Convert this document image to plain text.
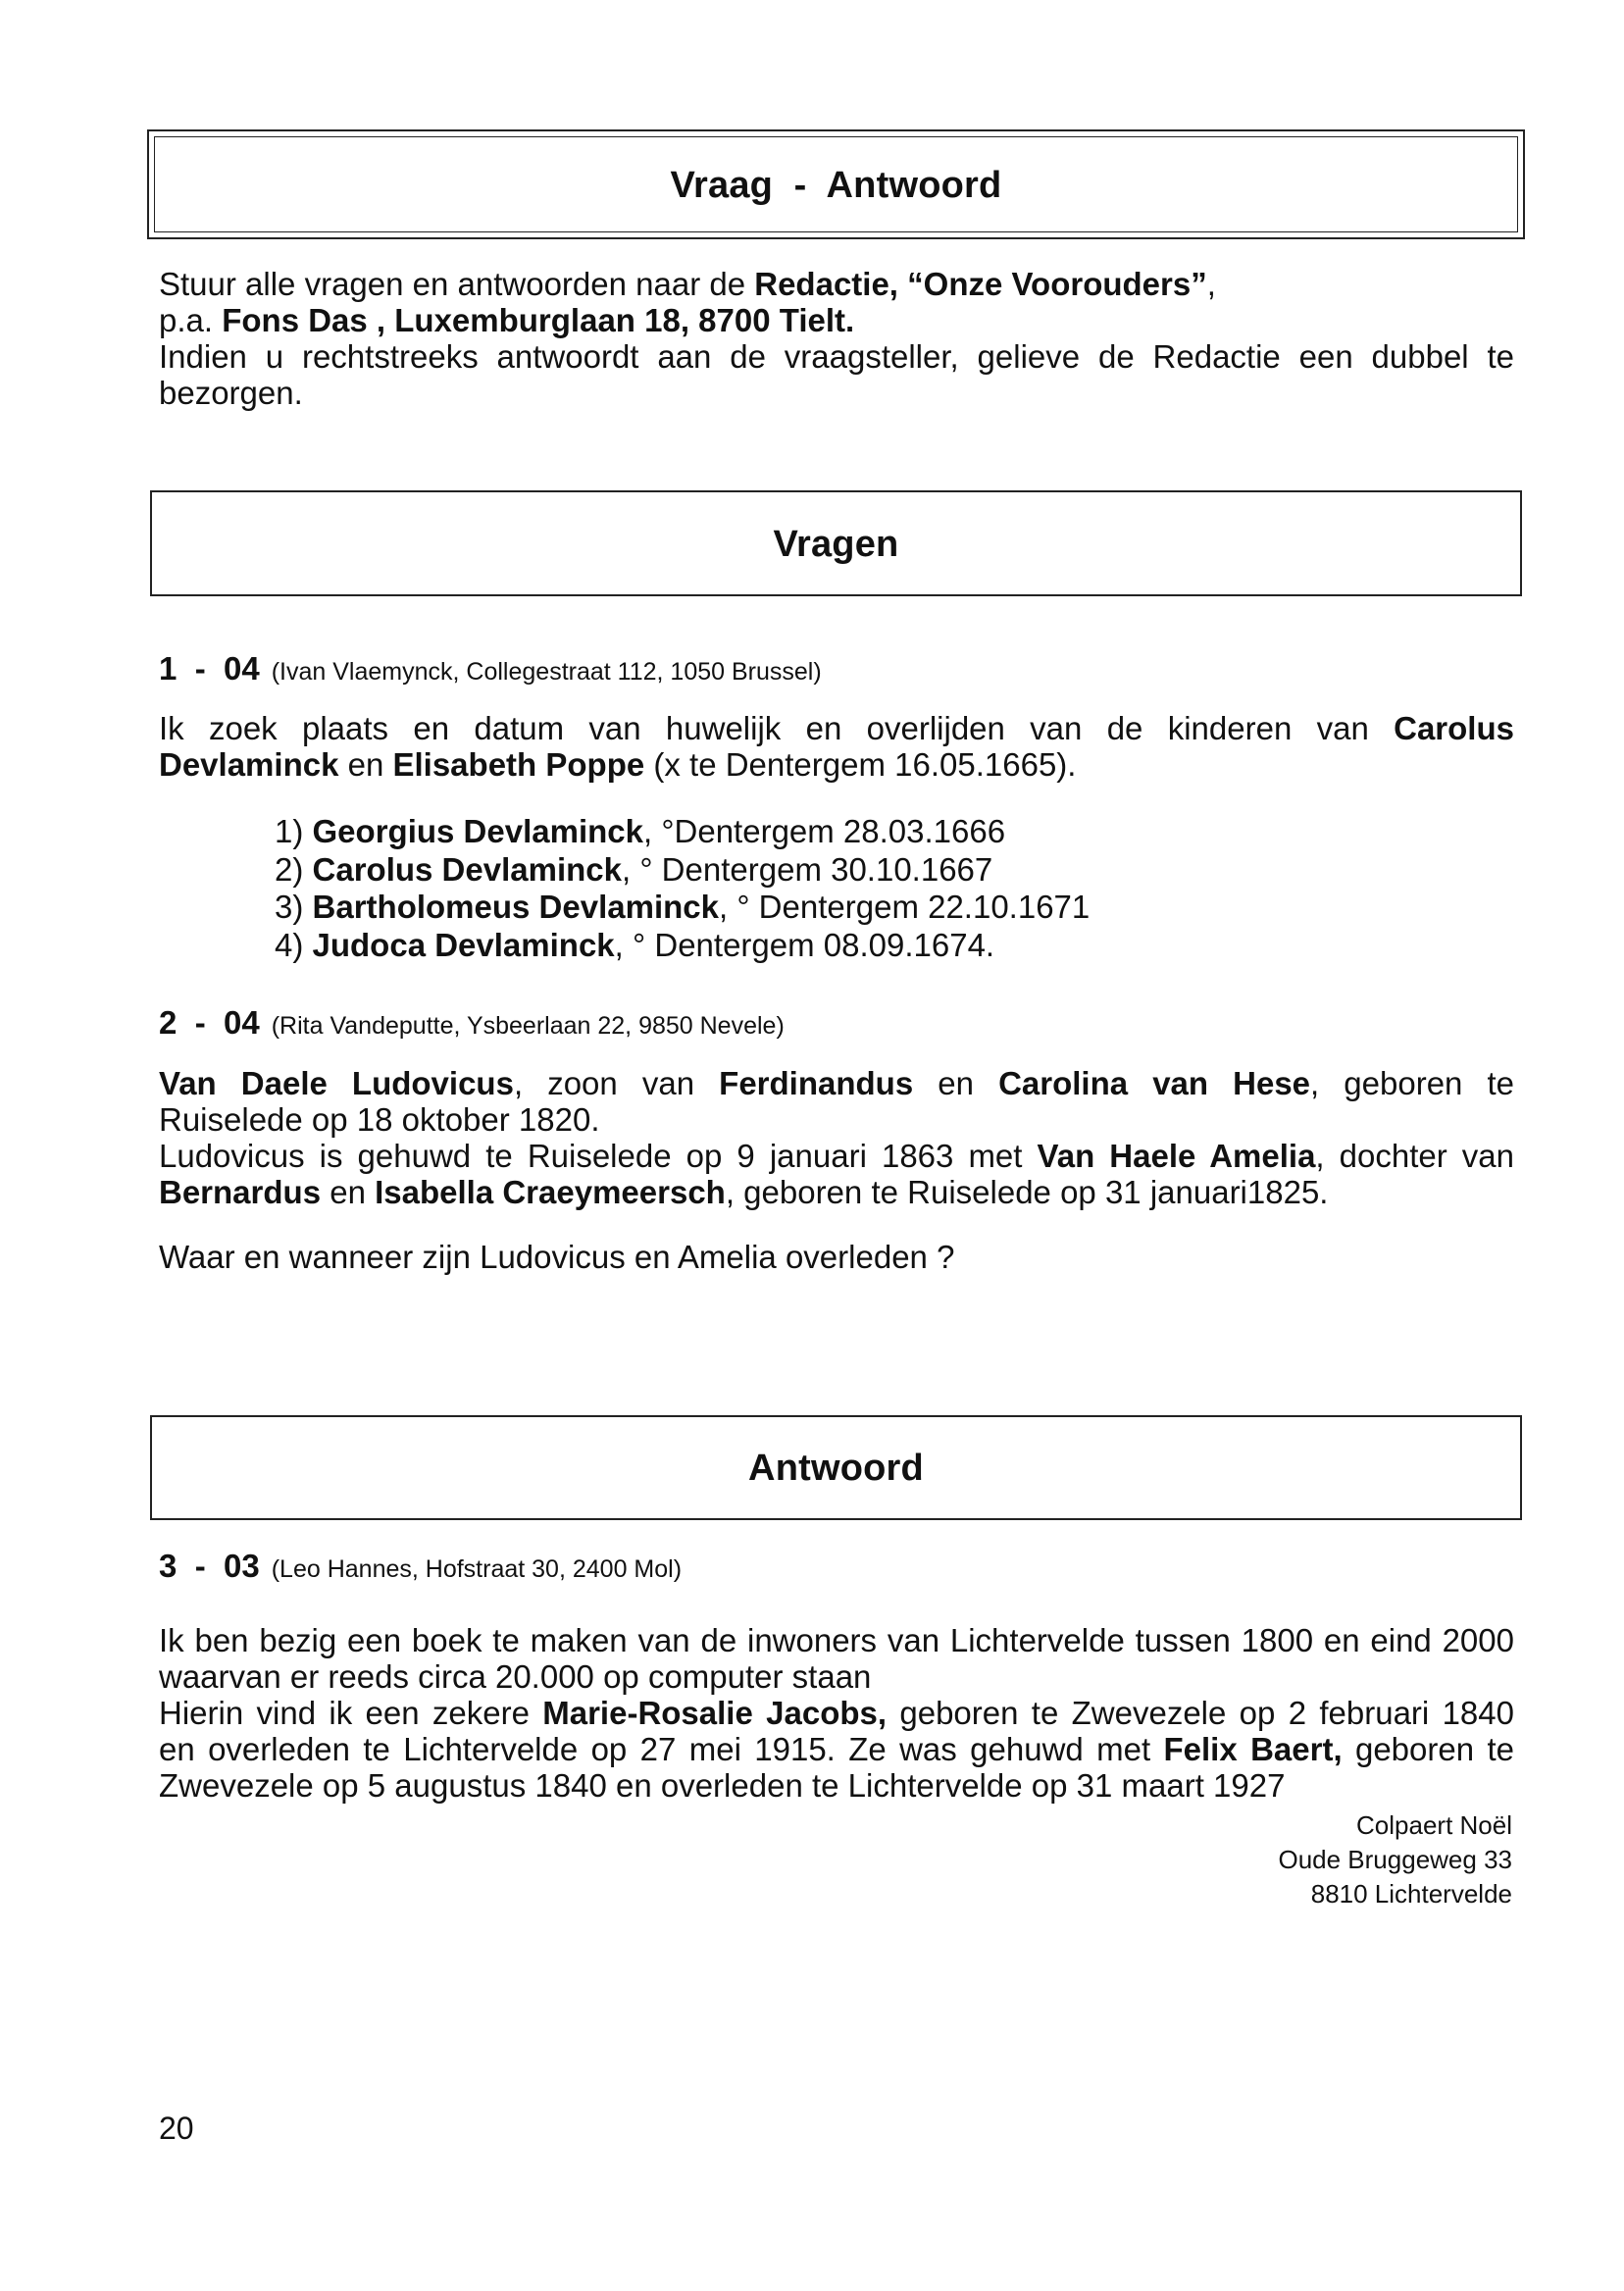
Vraag  -  Antwoord
Stuur alle vragen en antwoorden naar de Redactie, “Onze Voorouders”,
p.a. Fons Das , Luxemburglaan 18, 8700 Tielt.
Indien u rechtstreeks antwoordt aan de vraagsteller, gelieve de Redactie een dubbel te
bezorgen.
Vragen
1  -  04 (Ivan Vlaemynck, Collegestraat 112, 1050 Brussel)
Ik zoek plaats en datum van huwelijk en overlijden van de kinderen van Carolus
Devlaminck en Elisabeth Poppe (x te Dentergem 16.05.1665).
1) Georgius Devlaminck, °Dentergem 28.03.1666
2) Carolus Devlaminck, ° Dentergem 30.10.1667
3) Bartholomeus Devlaminck, ° Dentergem 22.10.1671
4) Judoca Devlaminck, ° Dentergem 08.09.1674.
2  -  04 (Rita Vandeputte, Ysbeerlaan 22, 9850 Nevele)
Van Daele Ludovicus, zoon van Ferdinandus en Carolina van Hese, geboren te
Ruiselede op 18 oktober 1820.
Ludovicus is gehuwd te Ruiselede op 9 januari 1863 met Van Haele Amelia, dochter van
Bernardus en Isabella Craeymeersch, geboren te Ruiselede op 31 januari1825.
Waar en wanneer zijn Ludovicus en Amelia overleden ?
Antwoord
3  -  03 (Leo Hannes, Hofstraat 30, 2400 Mol)
Ik ben bezig een boek te maken van de inwoners van Lichtervelde tussen 1800 en eind 2000
waarvan er reeds circa 20.000 op computer staan
Hierin vind ik een zekere Marie-Rosalie Jacobs, geboren te Zwevezele op 2 februari 1840
en overleden te Lichtervelde op 27 mei 1915. Ze was gehuwd met Felix Baert, geboren te
Zwevezele op 5 augustus 1840 en overleden te Lichtervelde op 31 maart 1927
Colpaert Noël
Oude Bruggeweg 33
8810 Lichtervelde
20
